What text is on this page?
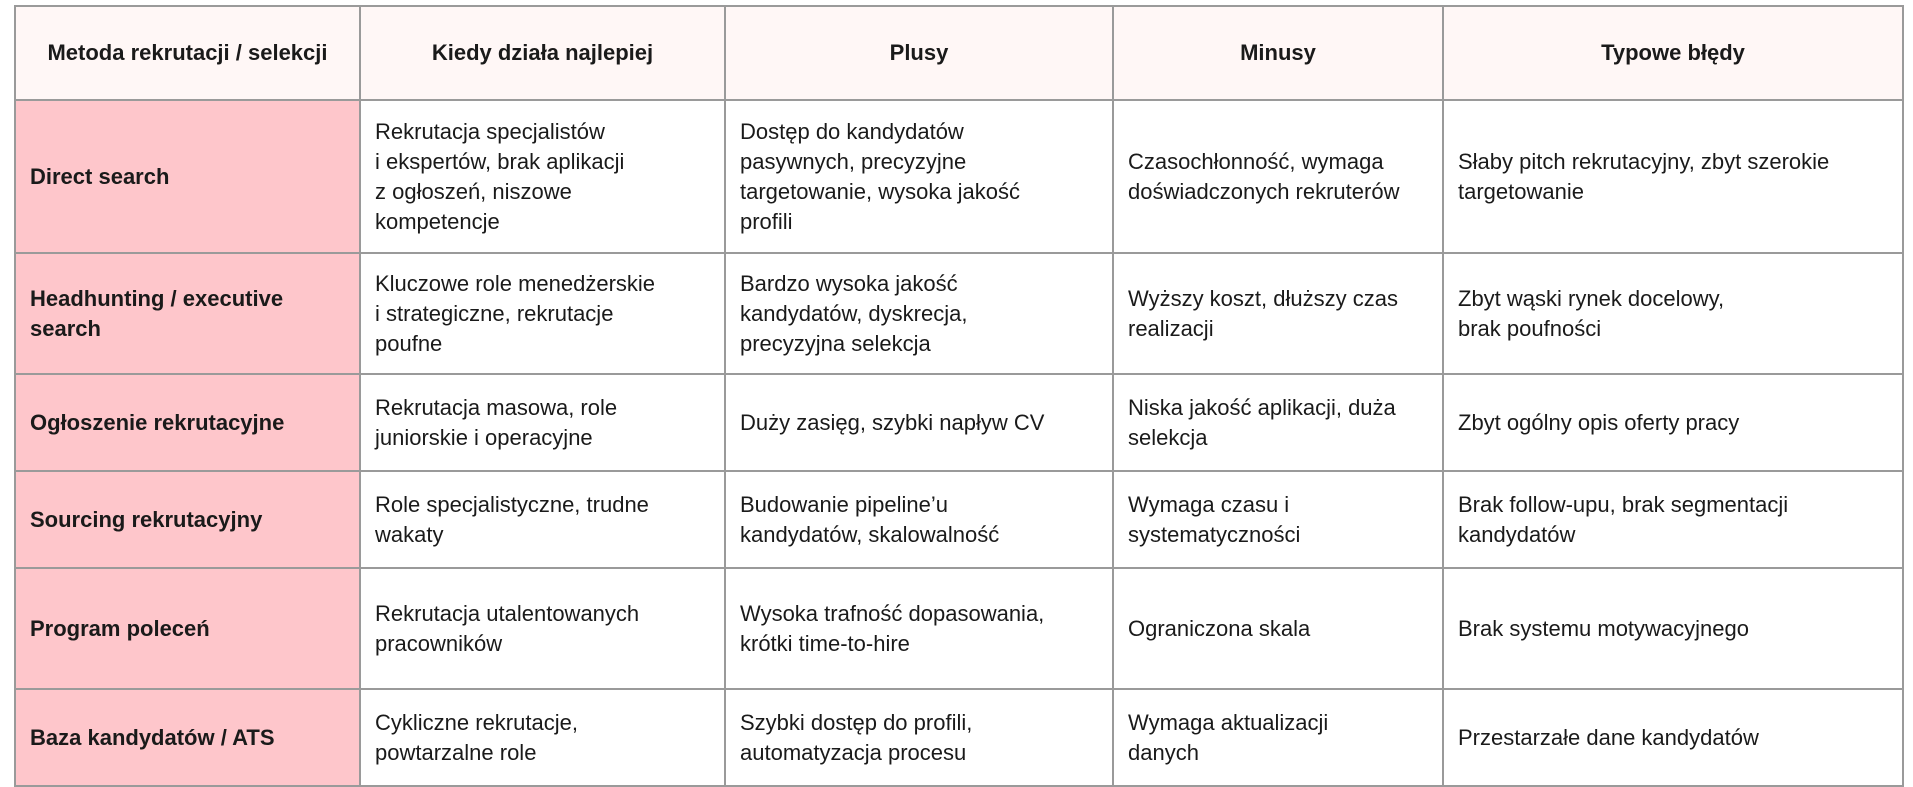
Metoda rekrutacji / selekcji	Kiedy działa najlepiej	Plusy	Minusy	Typowe błędy
Direct search	Rekrutacja specjalistów
i ekspertów, brak aplikacji
z ogłoszeń, niszowe
kompetencje	Dostęp do kandydatów
pasywnych, precyzyjne
targetowanie, wysoka jakość
profili	Czasochłonność, wymaga
doświadczonych rekruterów	Słaby pitch rekrutacyjny, zbyt szerokie
targetowanie
Headhunting / executive
search	Kluczowe role menedżerskie
i strategiczne, rekrutacje
poufne	Bardzo wysoka jakość
kandydatów, dyskrecja,
precyzyjna selekcja	Wyższy koszt, dłuższy czas
realizacji	Zbyt wąski rynek docelowy,
brak poufności
Ogłoszenie rekrutacyjne	Rekrutacja masowa, role
juniorskie i operacyjne	Duży zasięg, szybki napływ CV	Niska jakość aplikacji, duża
selekcja	Zbyt ogólny opis oferty pracy
Sourcing rekrutacyjny	Role specjalistyczne, trudne
wakaty	Budowanie pipeline’u
kandydatów, skalowalność	Wymaga czasu i
systematyczności	Brak follow-upu, brak segmentacji
kandydatów
Program poleceń	Rekrutacja utalentowanych
pracowników	Wysoka trafność dopasowania,
krótki time-to-hire	Ograniczona skala	Brak systemu motywacyjnego
Baza kandydatów / ATS	Cykliczne rekrutacje,
powtarzalne role	Szybki dostęp do profili,
automatyzacja procesu	Wymaga aktualizacji
danych	Przestarzałe dane kandydatów
